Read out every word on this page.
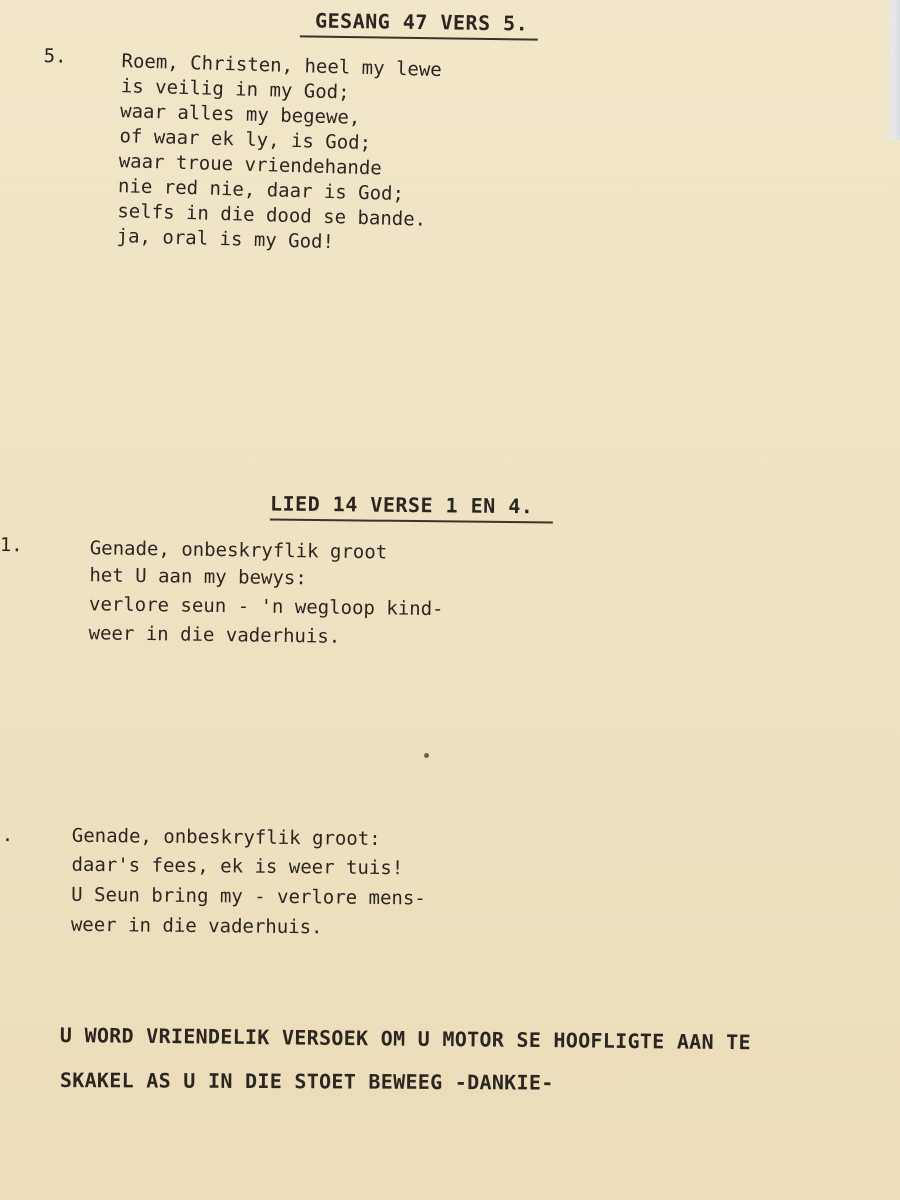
GESANG 47 VERS 5.
5.	Roem, Christen, heel my lewe
is veilig in my God;
waar alles my begewe,
of waar ek ly, is God;
waar troue vriendehande
nie red nie, daar is God;
selfs in die dood se bande.
ja, oral is my God!
LIED 14 VERSE 1 EN 4.
1.	Genade, onbeskryflik groot
het U aan my bewys:
verlore seun - 'n wegloop kind-
weer in die vaderhuis.
.	Genade, onbeskryflik groot:
daar's fees, ek is weer tuis!
U Seun bring my - verlore mens-
weer in die vaderhuis.
U WORD VRIENDELIK VERSOEK OM U MOTOR SE HOOFLIGTE AAN TE
SKAKEL AS U IN DIE STOET BEWEEG -DANKIE-
